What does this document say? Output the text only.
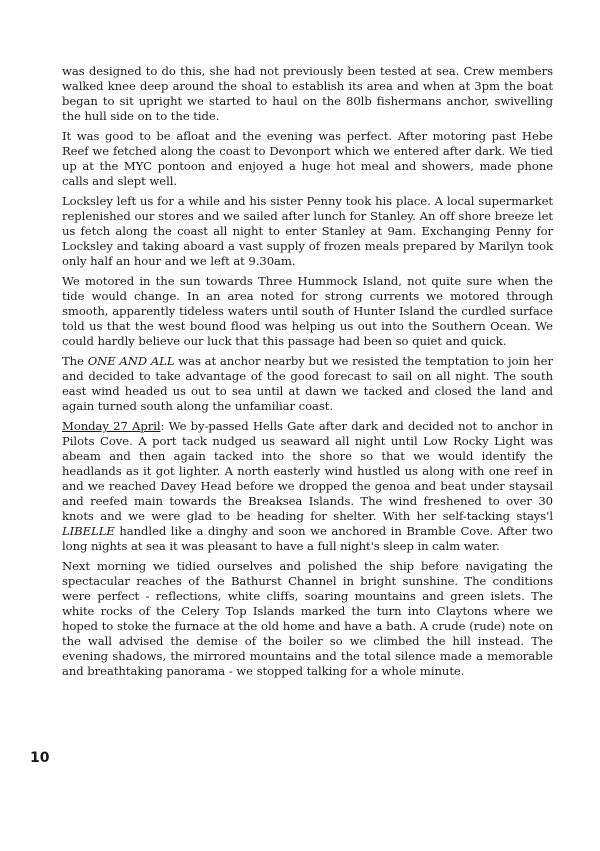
was designed to do this, she had not previously been tested at sea. Crew members walked knee deep around the shoal to establish its area and when at 3pm the boat began to sit upright we started to haul on the 80lb fishermans anchor, swivelling the hull side on to the tide.

It was good to be afloat and the evening was perfect. After motoring past Hebe Reef we fetched along the coast to Devonport which we entered after dark. We tied up at the MYC pontoon and enjoyed a huge hot meal and showers, made phone calls and slept well.

Locksley left us for a while and his sister Penny took his place. A local supermarket replenished our stores and we sailed after lunch for Stanley. An off shore breeze let us fetch along the coast all night to enter Stanley at 9am. Exchanging Penny for Locksley and taking aboard a vast supply of frozen meals prepared by Marilyn took only half an hour and we left at 9.30am.

We motored in the sun towards Three Hummock Island, not quite sure when the tide would change. In an area noted for strong currents we motored through smooth, apparently tideless waters until south of Hunter Island the curdled surface told us that the west bound flood was helping us out into the Southern Ocean. We could hardly believe our luck that this passage had been so quiet and quick.

The ONE AND ALL was at anchor nearby but we resisted the temptation to join her and decided to take advantage of the good forecast to sail on all night. The south east wind headed us out to sea until at dawn we tacked and closed the land and again turned south along the unfamiliar coast.

Monday 27 April: We by-passed Hells Gate after dark and decided not to anchor in Pilots Cove. A port tack nudged us seaward all night until Low Rocky Light was abeam and then again tacked into the shore so that we would identify the headlands as it got lighter. A north easterly wind hustled us along with one reef in and we reached Davey Head before we dropped the genoa and beat under staysail and reefed main towards the Breaksea Islands. The wind freshened to over 30 knots and we were glad to be heading for shelter. With her self-tacking stays'l LIBELLE handled like a dinghy and soon we anchored in Bramble Cove. After two long nights at sea it was pleasant to have a full night's sleep in calm water.

Next morning we tidied ourselves and polished the ship before navigating the spectacular reaches of the Bathurst Channel in bright sunshine. The conditions were perfect - reflections, white cliffs, soaring mountains and green islets. The white rocks of the Celery Top Islands marked the turn into Claytons where we hoped to stoke the furnace at the old home and have a bath. A crude (rude) note on the wall advised the demise of the boiler so we climbed the hill instead. The evening shadows, the mirrored mountains and the total silence made a memorable and breathtaking panorama - we stopped talking for a whole minute.

10
